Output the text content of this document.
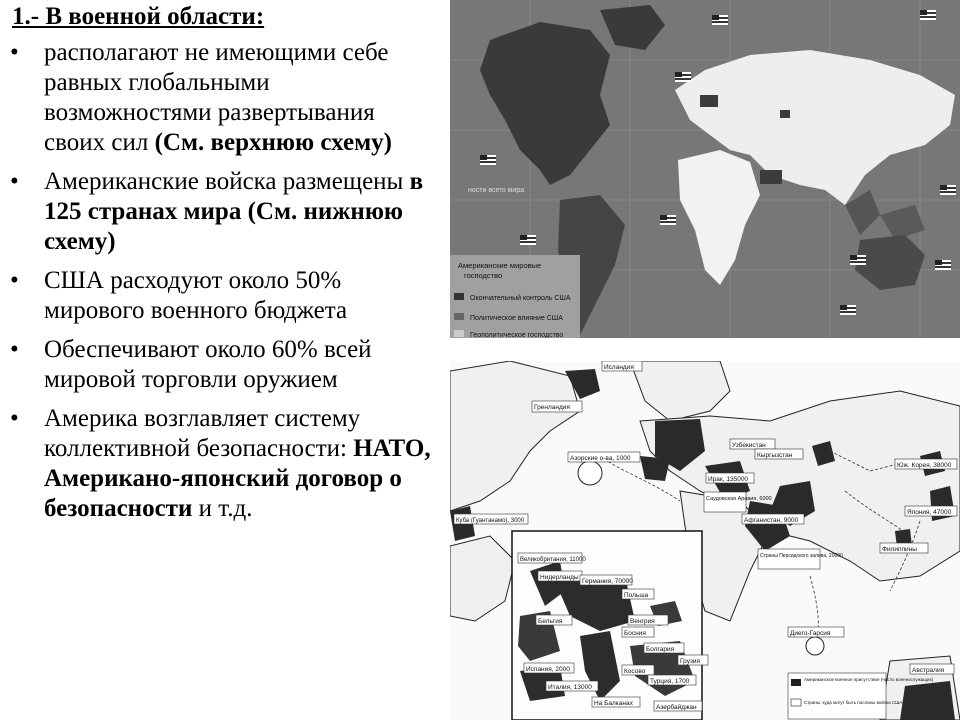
1.- В военной области:
• располагают не имеющими себе равных глобальными возможностями развертывания своих сил (См. верхнюю схему)
• Американские войска размещены в 125 странах мира (См. нижнюю схему)
• США расходуют около 50% мирового военного бюджета
• Обеспечивают около 60% всей мировой торговли оружием
• Америка возглавляет систему коллективной безопасности: НАТО, Американо-японский договор о безопасности и т.д.
ности всего мира
Американские мировые
господство
Окончательный контроль США
Политическое влияние США
Геополитическое господство
Исландия
Гренландия
Азорские о-ва, 1000
Узбекистан
Кыргызстан
Юж. Корея, 38000
Ирак, 135000
Саудовская Аравия, 6000
Афганистан, 9000
Страны Персидского залива, 20000
Япония, 47000
Куба (Гуантанамо), 3000
Великобритания, 11000
Нидерланды
Германия, 70000
Польша
Бельгия	Венгрия
Босния
Болгария
Грузия
Испания, 2000	Косово
Италия, 13000
Турция, 1700
На Балканах
Азербайджан
Филиппины
Диего-Гарсия
Австралия
Американское военное присутствие (число военнослужащих)
Страны, куда могут быть посланы войска США
